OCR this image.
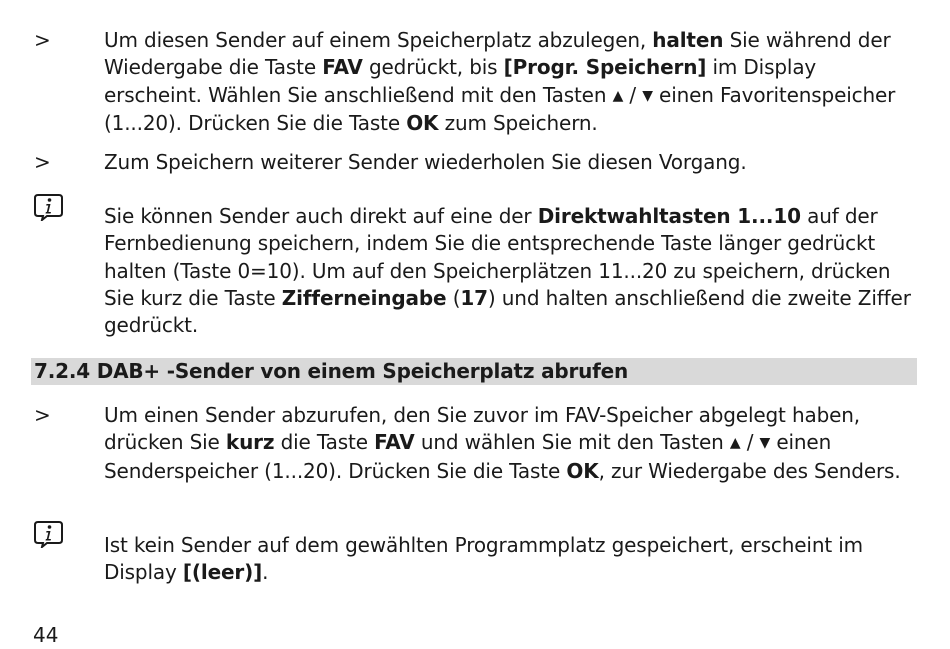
>	Um diesen Sender auf einem Speicherplatz abzulegen, halten Sie während der Wiedergabe die Taste FAV gedrückt, bis [Progr. Speichern] im Display erscheint. Wählen Sie anschließend mit den Tasten ▲ / ▼ einen Favoritenspeicher (1...20). Drücken Sie die Taste OK zum Speichern.
>	Zum Speichern weiterer Sender wiederholen Sie diesen Vorgang.
Sie können Sender auch direkt auf eine der Direktwahltasten 1...10 auf der Fernbedienung speichern, indem Sie die entsprechende Taste länger gedrückt halten (Taste 0=10). Um auf den Speicherplätzen 11...20 zu speichern, drücken Sie kurz die Taste Zifferneingabe (17) und halten anschließend die zweite Ziffer gedrückt.
7.2.4 DAB+ -Sender von einem Speicherplatz abrufen
>	Um einen Sender abzurufen, den Sie zuvor im FAV-Speicher abgelegt haben, drücken Sie kurz die Taste FAV und wählen Sie mit den Tasten ▲ / ▼ einen Senderspeicher (1...20). Drücken Sie die Taste OK, zur Wiedergabe des Senders.
Ist kein Sender auf dem gewählten Programmplatz gespeichert, erscheint im Display [(leer)].
44
